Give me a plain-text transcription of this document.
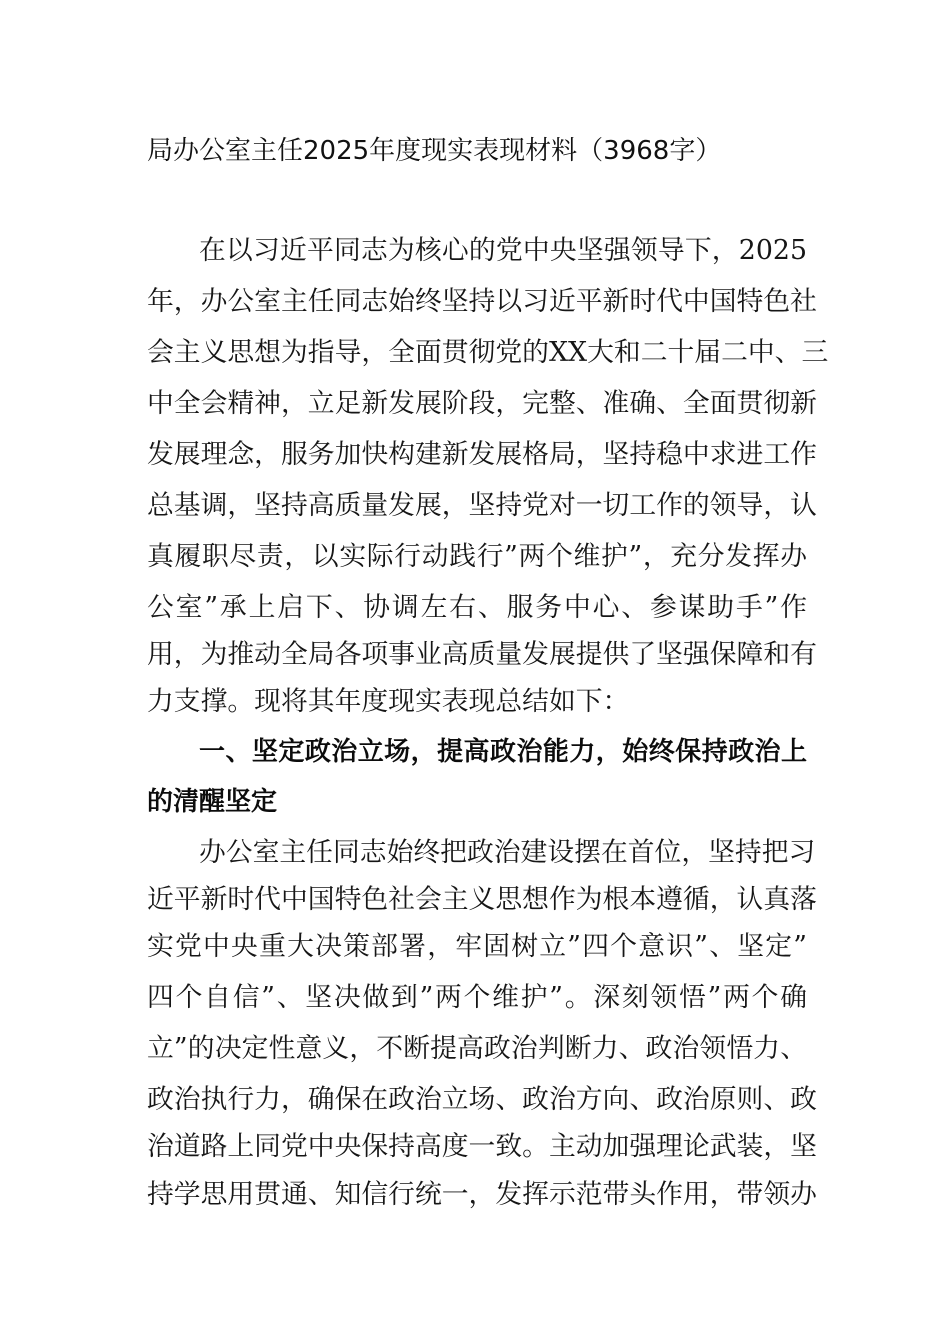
局办公室主任2025年度现实表现材料（3968字）
在以习近平同志为核心的党中央坚强领导下，2025
年，办公室主任同志始终坚持以习近平新时代中国特色社
会主义思想为指导，全面贯彻党的XX大和二十届二中、三
中全会精神，立足新发展阶段，完整、准确、全面贯彻新
发展理念，服务加快构建新发展格局，坚持稳中求进工作
总基调，坚持高质量发展，坚持党对一切工作的领导，认
真履职尽责，以实际行动践行”两个维护”，充分发挥办
公室”承上启下、协调左右、服务中心、参谋助手”作
用，为推动全局各项事业高质量发展提供了坚强保障和有
力支撑。现将其年度现实表现总结如下：
一、坚定政治立场，提高政治能力，始终保持政治上
的清醒坚定
办公室主任同志始终把政治建设摆在首位，坚持把习
近平新时代中国特色社会主义思想作为根本遵循，认真落
实党中央重大决策部署，牢固树立”四个意识”、坚定”
四个自信”、坚决做到”两个维护”。深刻领悟”两个确
立”的决定性意义，不断提高政治判断力、政治领悟力、
政治执行力，确保在政治立场、政治方向、政治原则、政
治道路上同党中央保持高度一致。主动加强理论武装，坚
持学思用贯通、知信行统一，发挥示范带头作用，带领办
